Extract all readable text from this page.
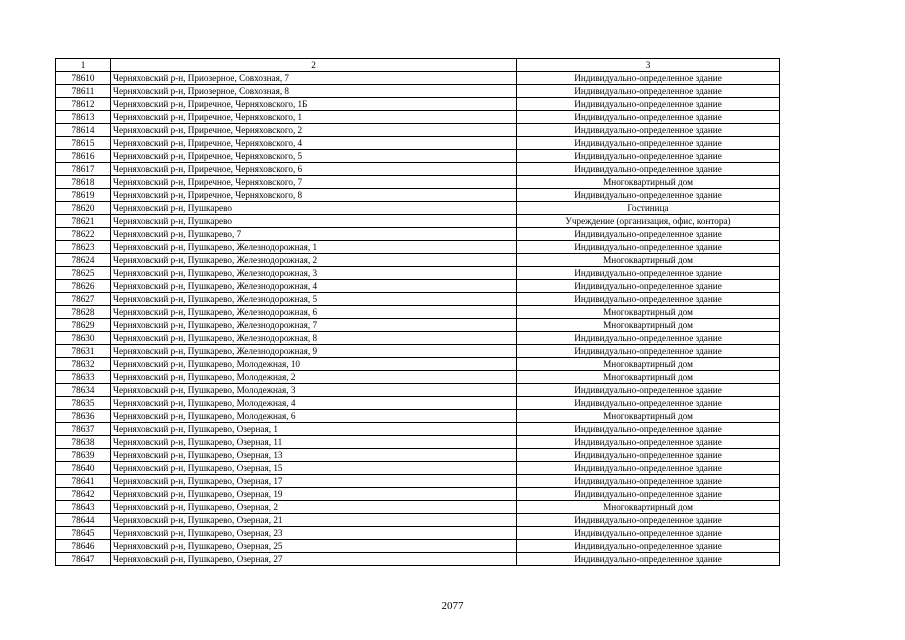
1	2	3
78610	Черняховский р-н, Приозерное, Совхозная, 7	Индивидуально-определенное здание
78611	Черняховский р-н, Приозерное, Совхозная, 8	Индивидуально-определенное здание
78612	Черняховский р-н, Приречное, Черняховского, 1Б	Индивидуально-определенное здание
78613	Черняховский р-н, Приречное, Черняховского, 1	Индивидуально-определенное здание
78614	Черняховский р-н, Приречное, Черняховского, 2	Индивидуально-определенное здание
78615	Черняховский р-н, Приречное, Черняховского, 4	Индивидуально-определенное здание
78616	Черняховский р-н, Приречное, Черняховского, 5	Индивидуально-определенное здание
78617	Черняховский р-н, Приречное, Черняховского, 6	Индивидуально-определенное здание
78618	Черняховский р-н, Приречное, Черняховского, 7	Многоквартирный дом
78619	Черняховский р-н, Приречное, Черняховского, 8	Индивидуально-определенное здание
78620	Черняховский р-н, Пушкарево	Гостиница
78621	Черняховский р-н, Пушкарево	Учреждение (организация, офис, контора)
78622	Черняховский р-н, Пушкарево, 7	Индивидуально-определенное здание
78623	Черняховский р-н, Пушкарево, Железнодорожная, 1	Индивидуально-определенное здание
78624	Черняховский р-н, Пушкарево, Железнодорожная, 2	Многоквартирный дом
78625	Черняховский р-н, Пушкарево, Железнодорожная, 3	Индивидуально-определенное здание
78626	Черняховский р-н, Пушкарево, Железнодорожная, 4	Индивидуально-определенное здание
78627	Черняховский р-н, Пушкарево, Железнодорожная, 5	Индивидуально-определенное здание
78628	Черняховский р-н, Пушкарево, Железнодорожная, 6	Многоквартирный дом
78629	Черняховский р-н, Пушкарево, Железнодорожная, 7	Многоквартирный дом
78630	Черняховский р-н, Пушкарево, Железнодорожная, 8	Индивидуально-определенное здание
78631	Черняховский р-н, Пушкарево, Железнодорожная, 9	Индивидуально-определенное здание
78632	Черняховский р-н, Пушкарево, Молодежная, 10	Многоквартирный дом
78633	Черняховский р-н, Пушкарево, Молодежная, 2	Многоквартирный дом
78634	Черняховский р-н, Пушкарево, Молодежная, 3	Индивидуально-определенное здание
78635	Черняховский р-н, Пушкарево, Молодежная, 4	Индивидуально-определенное здание
78636	Черняховский р-н, Пушкарево, Молодежная, 6	Многоквартирный дом
78637	Черняховский р-н, Пушкарево, Озерная, 1	Индивидуально-определенное здание
78638	Черняховский р-н, Пушкарево, Озерная, 11	Индивидуально-определенное здание
78639	Черняховский р-н, Пушкарево, Озерная, 13	Индивидуально-определенное здание
78640	Черняховский р-н, Пушкарево, Озерная, 15	Индивидуально-определенное здание
78641	Черняховский р-н, Пушкарево, Озерная, 17	Индивидуально-определенное здание
78642	Черняховский р-н, Пушкарево, Озерная, 19	Индивидуально-определенное здание
78643	Черняховский р-н, Пушкарево, Озерная, 2	Многоквартирный дом
78644	Черняховский р-н, Пушкарево, Озерная, 21	Индивидуально-определенное здание
78645	Черняховский р-н, Пушкарево, Озерная, 23	Индивидуально-определенное здание
78646	Черняховский р-н, Пушкарево, Озерная, 25	Индивидуально-определенное здание
78647	Черняховский р-н, Пушкарево, Озерная, 27	Индивидуально-определенное здание
2077
